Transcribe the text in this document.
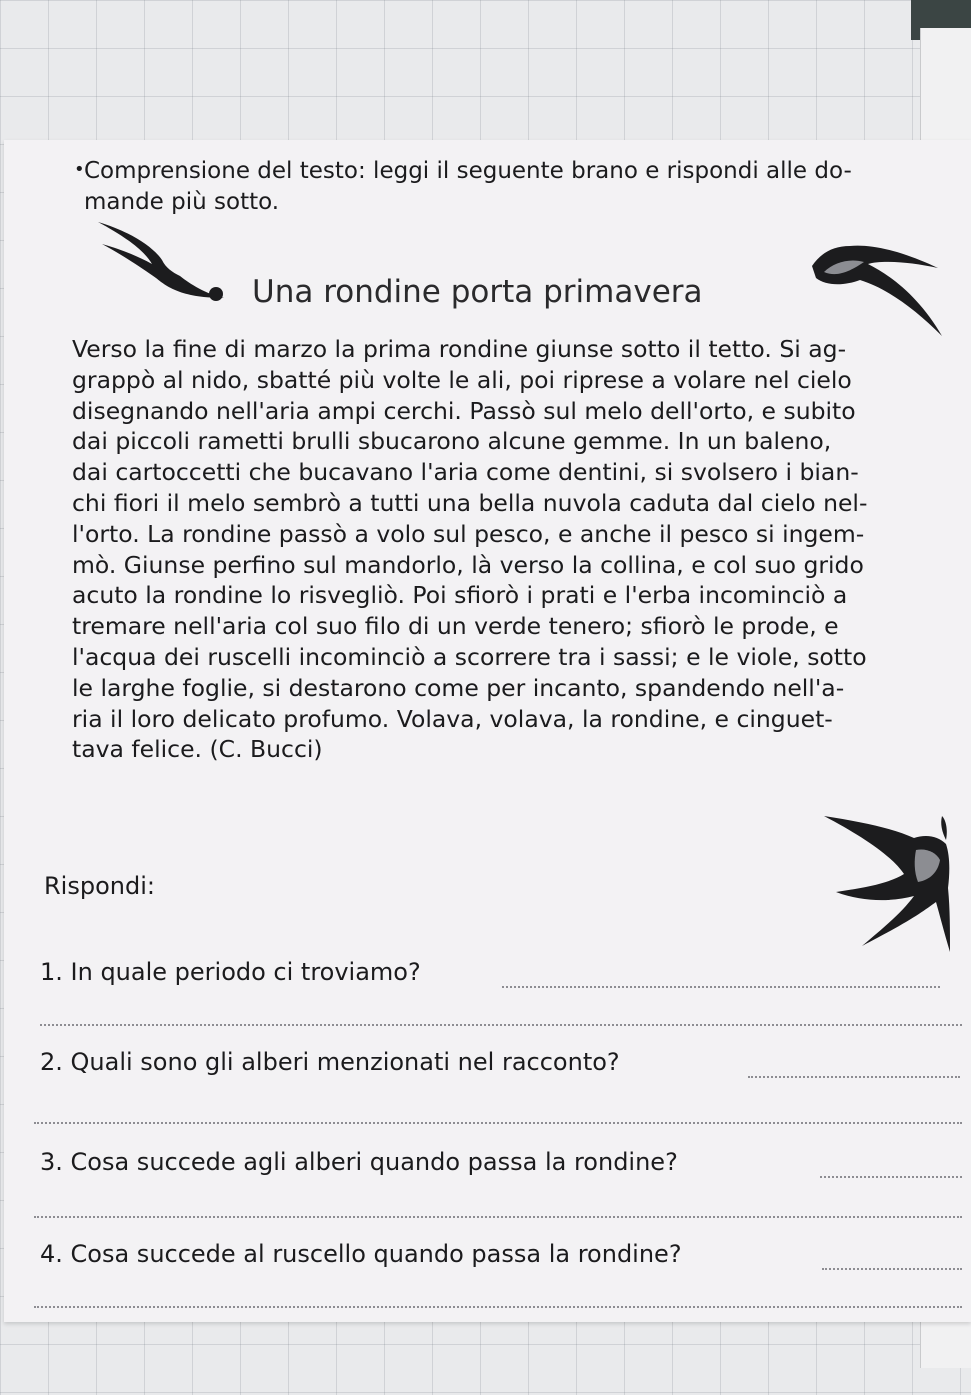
• Comprensione del testo: leggi il seguente brano e rispondi alle do-
mande più sotto.
Una rondine porta primavera
Verso la fine di marzo la prima rondine giunse sotto il tetto. Si ag-
grappò al nido, sbatté più volte le ali, poi riprese a volare nel cielo
disegnando nell'aria ampi cerchi. Passò sul melo dell'orto, e subito
dai piccoli rametti brulli sbucarono alcune gemme. In un baleno,
dai cartoccetti che bucavano l'aria come dentini, si svolsero i bian-
chi fiori il melo sembrò a tutti una bella nuvola caduta dal cielo nel-
l'orto. La rondine passò a volo sul pesco, e anche il pesco si ingem-
mò. Giunse perfino sul mandorlo, là verso la collina, e col suo grido
acuto la rondine lo risvegliò. Poi sfiorò i prati e l'erba incominciò a
tremare nell'aria col suo filo di un verde tenero; sfiorò le prode, e
l'acqua dei ruscelli incominciò a scorrere tra i sassi; e le viole, sotto
le larghe foglie, si destarono come per incanto, spandendo nell'a-
ria il loro delicato profumo. Volava, volava, la rondine, e cinguet-
tava felice. (C. Bucci)
Rispondi:
1. In quale periodo ci troviamo?
2. Quali sono gli alberi menzionati nel racconto?
3. Cosa succede agli alberi quando passa la rondine?
4. Cosa succede al ruscello quando passa la rondine?
